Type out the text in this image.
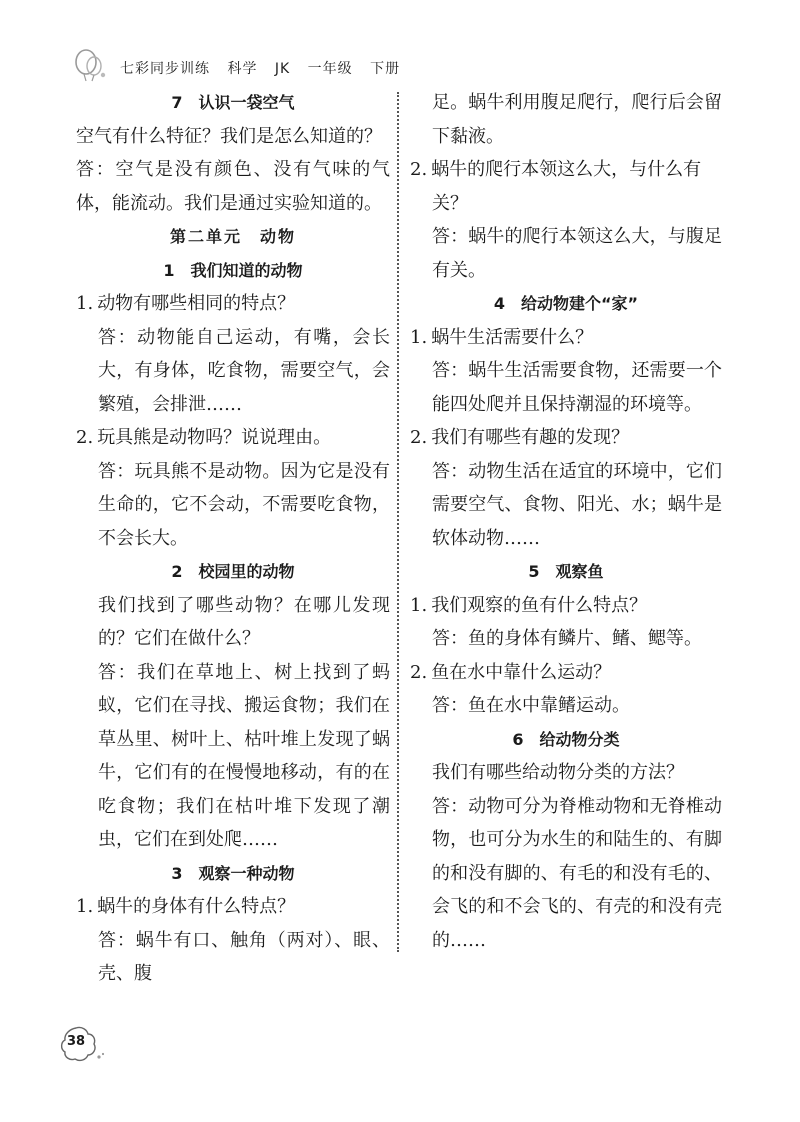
七彩同步训练 科学 JK 一年级 下册
7　认识一袋空气
空气有什么特征？我们是怎么知道的？
答：空气是没有颜色、没有气味的气体，能流动。我们是通过实验知道的。
第二单元　动物
1　我们知道的动物
1. 动物有哪些相同的特点？
答：动物能自己运动，有嘴，会长大，有身体，吃食物，需要空气，会繁殖，会排泄……
2. 玩具熊是动物吗？说说理由。
答：玩具熊不是动物。因为它是没有生命的，它不会动，不需要吃食物，不会长大。
2　校园里的动物
我们找到了哪些动物？在哪儿发现的？它们在做什么？
答：我们在草地上、树上找到了蚂蚁，它们在寻找、搬运食物；我们在草丛里、树叶上、枯叶堆上发现了蜗牛，它们有的在慢慢地移动，有的在吃食物；我们在枯叶堆下发现了潮虫，它们在到处爬……
3　观察一种动物
1. 蜗牛的身体有什么特点？
答：蜗牛有口、触角（两对）、眼、壳、腹
足。蜗牛利用腹足爬行，爬行后会留下黏液。
2. 蜗牛的爬行本领这么大，与什么有关？
答：蜗牛的爬行本领这么大，与腹足有关。
4　给动物建个“家”
1. 蜗牛生活需要什么？
答：蜗牛生活需要食物，还需要一个能四处爬并且保持潮湿的环境等。
2. 我们有哪些有趣的发现？
答：动物生活在适宜的环境中，它们需要空气、食物、阳光、水；蜗牛是软体动物……
5　观察鱼
1. 我们观察的鱼有什么特点？
答：鱼的身体有鳞片、鳍、鳃等。
2. 鱼在水中靠什么运动？
答：鱼在水中靠鳍运动。
6　给动物分类
我们有哪些给动物分类的方法？
答：动物可分为脊椎动物和无脊椎动物，也可分为水生的和陆生的、有脚的和没有脚的、有毛的和没有毛的、会飞的和不会飞的、有壳的和没有壳的……
38
